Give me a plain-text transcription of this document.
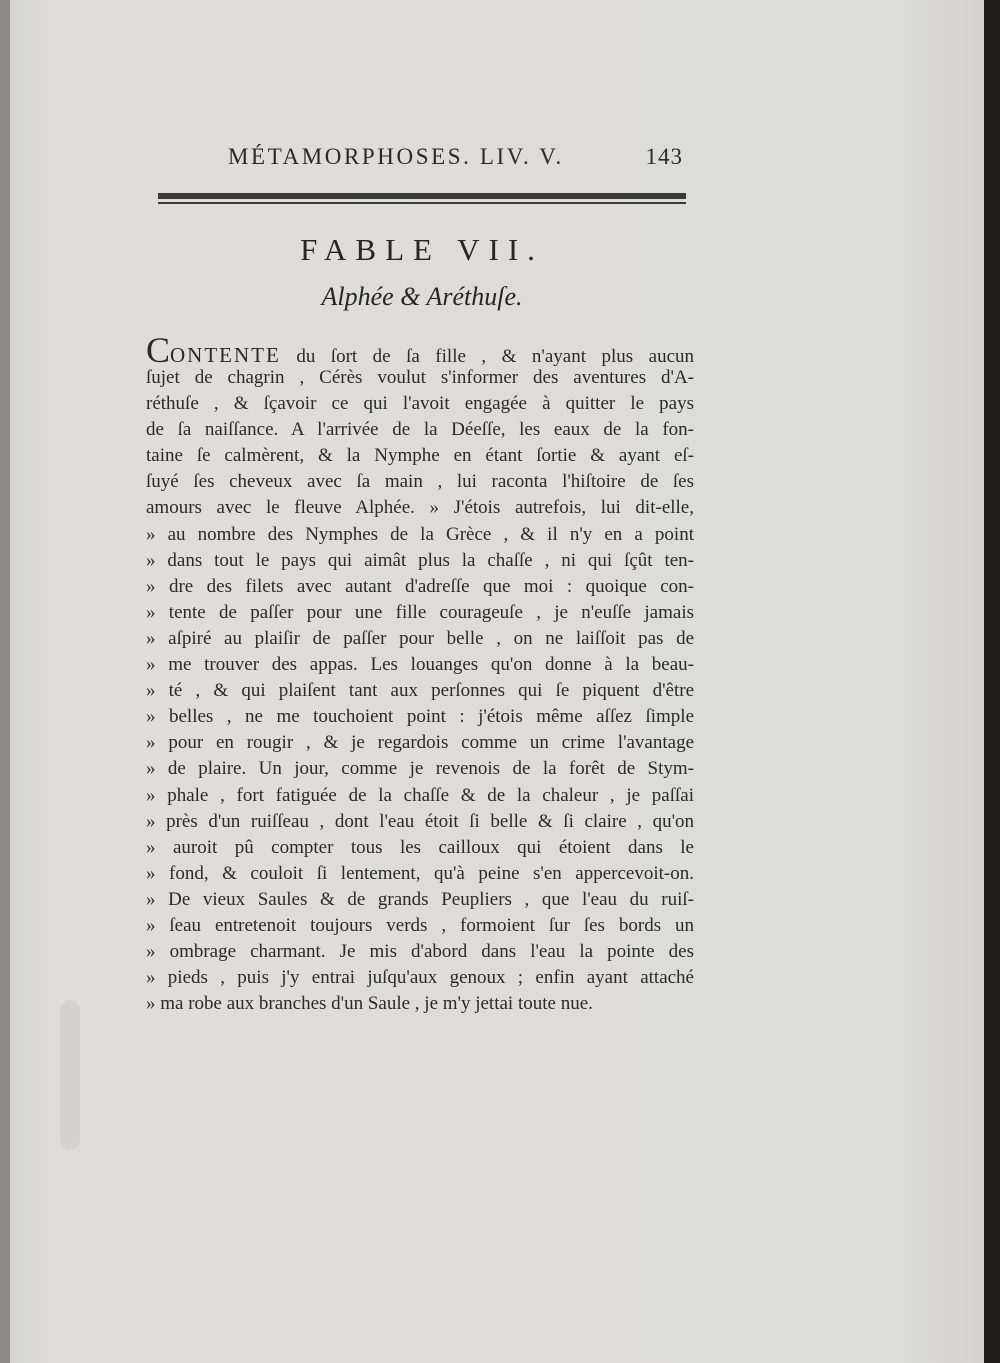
MÉTAMORPHOSES. LIV. V.	143
FABLE VII.
Alphée & Aréthuſe.
CONTENTE du ſort de ſa fille , & n'ayant plus aucun
ſujet de chagrin , Cérès voulut s'informer des aventures d'A-
réthuſe , & ſçavoir ce qui l'avoit engagée à quitter le pays
de ſa naiſſance. A l'arrivée de la Déeſſe, les eaux de la fon-
taine ſe calmèrent, & la Nymphe en étant ſortie & ayant eſ-
ſuyé ſes cheveux avec ſa main , lui raconta l'hiſtoire de ſes
amours avec le fleuve Alphée. » J'étois autrefois, lui dit-elle,
» au nombre des Nymphes de la Grèce , & il n'y en a point
» dans tout le pays qui aimât plus la chaſſe , ni qui ſçût ten-
» dre des filets avec autant d'adreſſe que moi : quoique con-
» tente de paſſer pour une fille courageuſe , je n'euſſe jamais
» aſpiré au plaiſir de paſſer pour belle , on ne laiſſoit pas de
» me trouver des appas. Les louanges qu'on donne à la beau-
» té , & qui plaiſent tant aux perſonnes qui ſe piquent d'être
» belles , ne me touchoient point : j'étois même aſſez ſimple
» pour en rougir , & je regardois comme un crime l'avantage
» de plaire. Un jour, comme je revenois de la forêt de Stym-
» phale , fort fatiguée de la chaſſe & de la chaleur , je paſſai
» près d'un ruiſſeau , dont l'eau étoit ſi belle & ſi claire , qu'on
» auroit pû compter tous les cailloux qui étoient dans le
» fond, & couloit ſi lentement, qu'à peine s'en appercevoit-on.
» De vieux Saules & de grands Peupliers , que l'eau du ruiſ-
» ſeau entretenoit toujours verds , formoient ſur ſes bords un
» ombrage charmant. Je mis d'abord dans l'eau la pointe des
» pieds , puis j'y entrai juſqu'aux genoux ; enfin ayant attaché
» ma robe aux branches d'un Saule , je m'y jettai toute nue.
